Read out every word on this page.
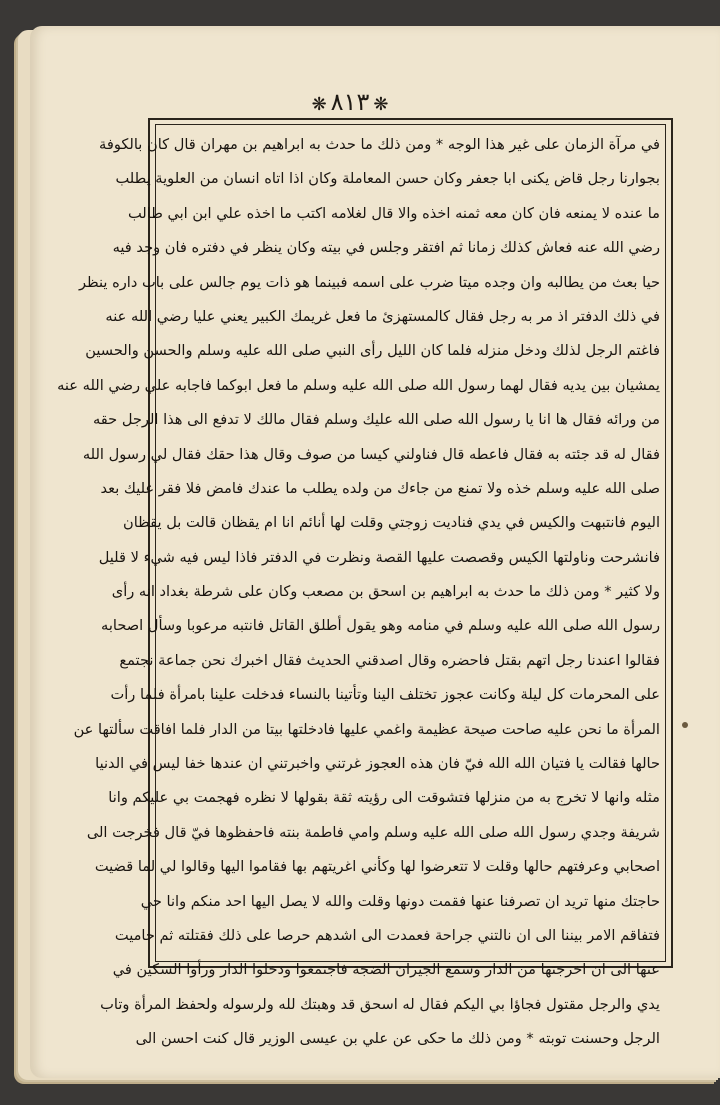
❋ ٨١٣ ❋
في مرآة الزمان على غير هذا الوجه * ومن ذلك ما حدث به ابراهيم بن مهران قال كان بالكوفة
بجوارنا رجل قاض يكنى ابا جعفر وكان حسن المعاملة وكان اذا اتاه انسان من العلوية يطلب
ما عنده لا يمنعه فان كان معه ثمنه اخذه والا قال لغلامه اكتب ما اخذه علي ابن ابي طالب
رضي الله عنه فعاش كذلك زمانا ثم افتقر وجلس في بيته وكان ينظر في دفتره فان وجد فيه
حيا بعث من يطالبه وان وجده ميتا ضرب على اسمه فبينما هو ذات يوم جالس على باب داره ينظر
في ذلك الدفتر اذ مر به رجل فقال كالمستهزئ ما فعل غريمك الكبير يعني عليا رضي الله عنه
فاغتم الرجل لذلك ودخل منزله فلما كان الليل رأى النبي صلى الله عليه وسلم والحسن والحسين
يمشيان بين يديه فقال لهما رسول الله صلى الله عليه وسلم ما فعل ابوكما فاجابه علي رضي الله عنه
من ورائه فقال ها انا يا رسول الله صلى الله عليك وسلم فقال مالك لا تدفع الى هذا الرجل حقه
فقال له قد جئته به فقال فاعطه قال فناولني كيسا من صوف وقال هذا حقك فقال لي رسول الله
صلى الله عليه وسلم خذه ولا تمنع من جاءك من ولده يطلب ما عندك فامض فلا فقر عليك بعد
اليوم فانتبهت والكيس في يدي فناديت زوجتي وقلت لها أنائم انا ام يقظان قالت بل يقظان
فانشرحت وناولتها الكيس وقصصت عليها القصة ونظرت في الدفتر فاذا ليس فيه شيء لا قليل
ولا كثير * ومن ذلك ما حدث به ابراهيم بن اسحق بن مصعب وكان على شرطة بغداد انه رأى
رسول الله صلى الله عليه وسلم في منامه وهو يقول أطلق القاتل فانتبه مرعوبا وسأل اصحابه
فقالوا اعندنا رجل اتهم بقتل فاحضره وقال اصدقني الحديث فقال اخبرك نحن جماعة نجتمع
على المحرمات كل ليلة وكانت عجوز تختلف الينا وتأتينا بالنساء فدخلت علينا بامرأة فلما رأت
المرأة ما نحن عليه صاحت صيحة عظيمة واغمي عليها فادخلتها بيتا من الدار فلما افاقت سألتها عن
حالها فقالت يا فتيان الله الله فيّ فان هذه العجوز غرتني واخبرتني ان عندها خفا ليس في الدنيا
مثله وانها لا تخرج به من منزلها فتشوقت الى رؤيته ثقة بقولها لا نظره فهجمت بي عليكم وانا
شريفة وجدي رسول الله صلى الله عليه وسلم وامي فاطمة بنته فاحفظوها فيّ قال فخرجت الى
اصحابي وعرفتهم حالها وقلت لا تتعرضوا لها وكأني اغريتهم بها فقاموا اليها وقالوا لي لما قضيت
حاجتك منها تريد ان تصرفنا عنها فقمت دونها وقلت والله لا يصل اليها احد منكم وانا حي
فتفاقم الامر بيننا الى ان نالتني جراحة فعمدت الى اشدهم حرصا على ذلك فقتلته ثم حاميت
عنها الى ان اخرجتها من الدار وسمع الجيران الضجة فاجتمعوا ودخلوا الدار ورأوا السكين في
يدي والرجل مقتول فجاؤا بي اليكم فقال له اسحق قد وهبتك لله ولرسوله ولحفظ المرأة وتاب
الرجل وحسنت توبته * ومن ذلك ما حكى عن علي بن عيسى الوزير قال كنت احسن الى
